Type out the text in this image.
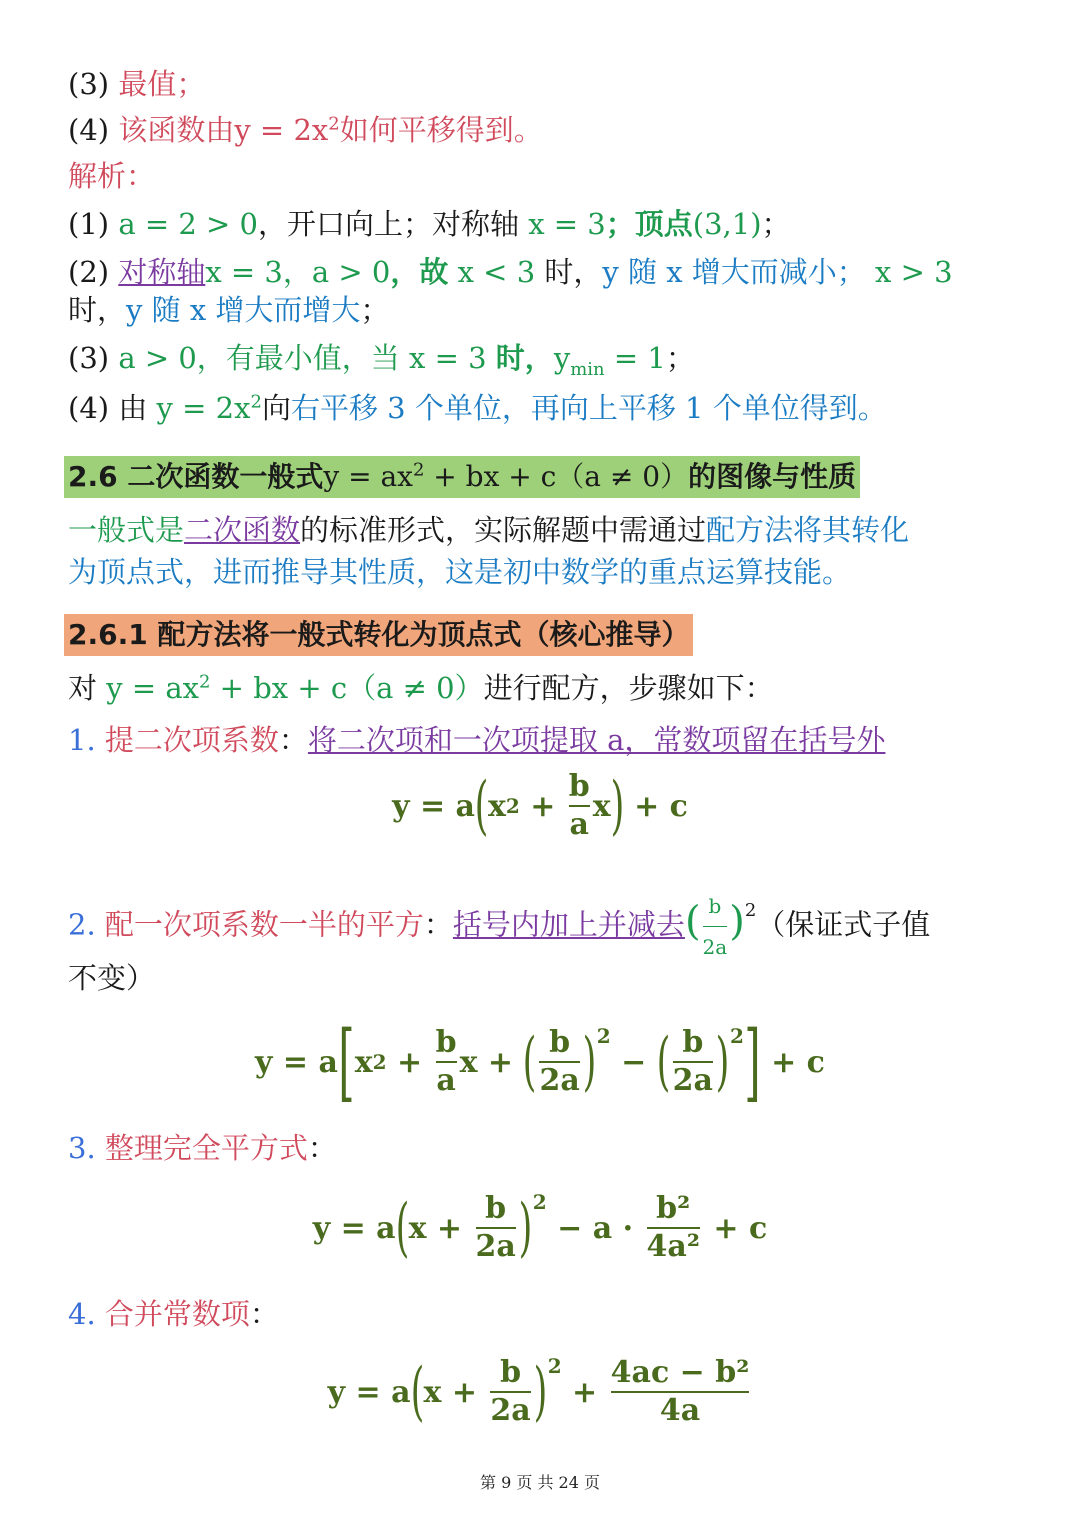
(3) 最值；
(4) 该函数由$y = 2x^2$如何平移得到。
解析：
(1) a = 2 > 0，开口向上；对称轴 x = 3；顶点(3,1)；
(2) 对称轴x = 3，a > 0，故 x < 3 时，y 随 x 增大而减小； x > 3
时，y 随 x 增大而增大；
(3) a > 0，有最小值，当 x = 3 时，$y_{min} = 1$；
(4) 由 $y = 2x^2$向右平移 3 个单位，再向上平移 1 个单位得到。
2.6 二次函数一般式$y = ax^2$ + bx + c（a ≠ 0）的图像与性质
一般式是二次函数的标准形式，实际解题中需通过配方法将其转化
为顶点式，进而推导其性质，这是初中数学的重点运算技能。
2.6.1 配方法将一般式转化为顶点式（核心推导）
对 $y = ax^2$ + bx + c（a ≠ 0）进行配方，步骤如下：
1. 提二次项系数：将二次项和一次项提取 a，常数项留在括号外
y = a ( x 2 +
b
a
x ) + c
2. 配一次项系数一半的平方：括号内加上并减去( $\frac{b}{2a} )^2$（保证式子值
不变）
y = a [ x 2 +
b
a
x + ( b
2a ) 2
− ( b
2a ) 2 ] + c
3. 整理完全平方式：
y = a ( x +
b
2a ) 2
− a ·
b²
4a²
+ c
4. 合并常数项：
y = a ( x +
b
2a ) 2
+
4ac − b²
4a
第 9 页 共 24 页
